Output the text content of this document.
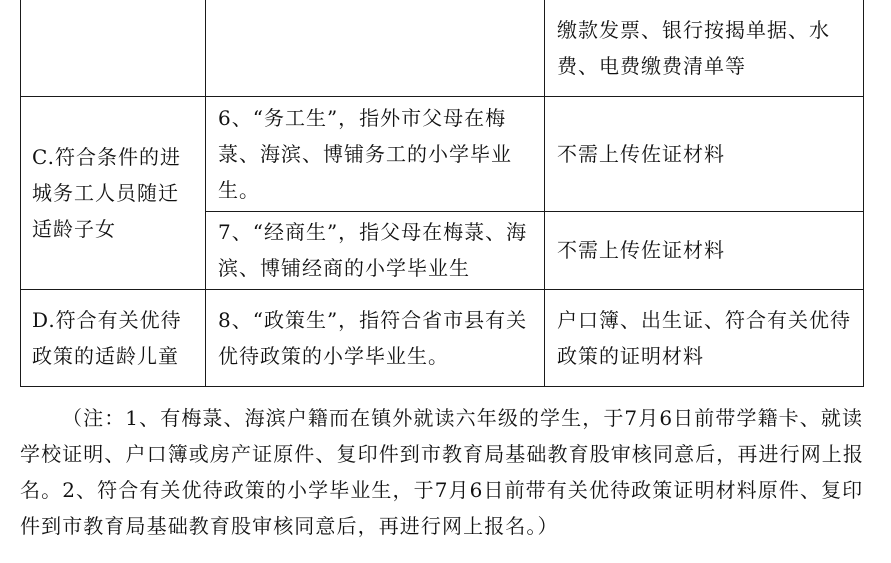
		缴款发票、银行按揭单据、水费、电费缴费清单等

C.符合条件的进城务工人员随迁适龄子女	6、“务工生”，指外市父母在梅菉、海滨、博铺务工的小学毕业生。	不需上传佐证材料

	7、“经商生”，指父母在梅菉、海滨、博铺经商的小学毕业生	不需上传佐证材料

D.符合有关优待政策的适龄儿童	8、“政策生”，指符合省市县有关优待政策的小学毕业生。	户口簿、出生证、符合有关优待政策的证明材料

（注：1、有梅菉、海滨户籍而在镇外就读六年级的学生，于7月6日前带学籍卡、就读学校证明、户口簿或房产证原件、复印件到市教育局基础教育股审核同意后，再进行网上报名。2、符合有关优待政策的小学毕业生，于7月6日前带有关优待政策证明材料原件、复印件到市教育局基础教育股审核同意后，再进行网上报名。）
